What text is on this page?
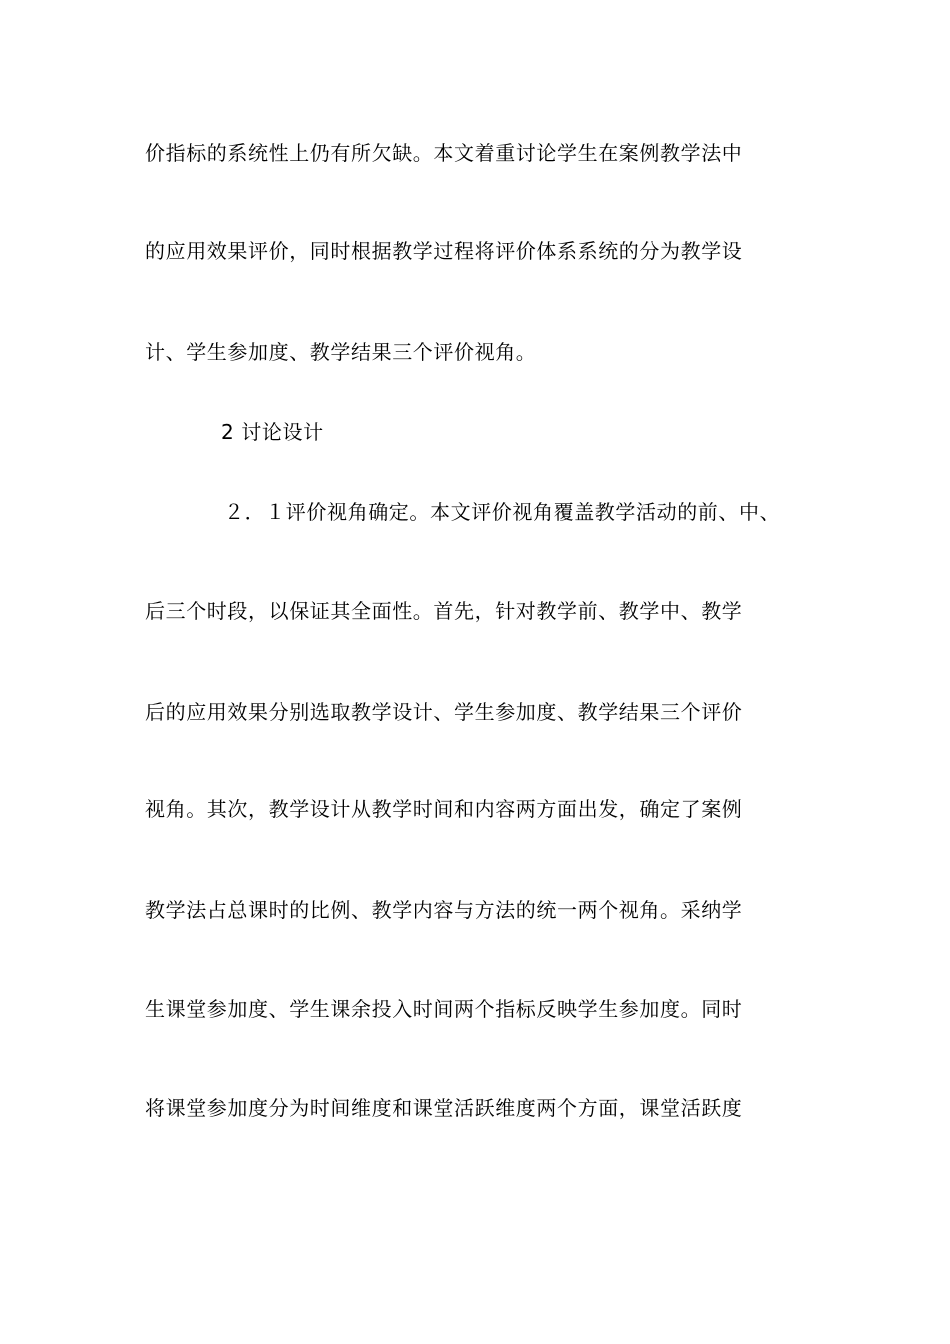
价指标的系统性上仍有所欠缺。本文着重讨论学生在案例教学法中
的应用效果评价，同时根据教学过程将评价体系系统的分为教学设
计、学生参加度、教学结果三个评价视角。
2 讨论设计
２．１评价视角确定。本文评价视角覆盖教学活动的前、中、
后三个时段，以保证其全面性。首先，针对教学前、教学中、教学
后的应用效果分别选取教学设计、学生参加度、教学结果三个评价
视角。其次，教学设计从教学时间和内容两方面出发，确定了案例
教学法占总课时的比例、教学内容与方法的统一两个视角。采纳学
生课堂参加度、学生课余投入时间两个指标反映学生参加度。同时
将课堂参加度分为时间维度和课堂活跃维度两个方面，课堂活跃度
